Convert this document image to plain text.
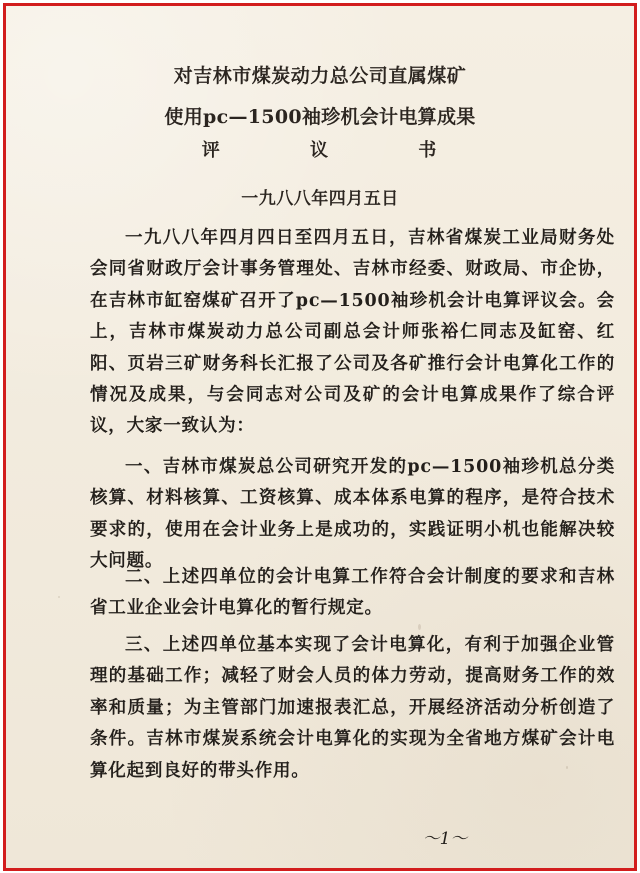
对吉林市煤炭动力总公司直属煤矿
使用pc—1500袖珍机会计电算成果
评 议 书
一九八八年四月五日

一九八八年四月四日至四月五日，吉林省煤炭工业局财务处会同省财政厅会计事务管理处、吉林市经委、财政局、市企协，在吉林市缸窑煤矿召开了pc—1500袖珍机会计电算评议会。会上，吉林市煤炭动力总公司副总会计师张裕仁同志及缸窑、红阳、页岩三矿财务科长汇报了公司及各矿推行会计电算化工作的情况及成果，与会同志对公司及矿的会计电算成果作了综合评议，大家一致认为：

一、吉林市煤炭总公司研究开发的pc—1500袖珍机总分类核算、材料核算、工资核算、成本体系电算的程序，是符合技术要求的，使用在会计业务上是成功的，实践证明小机也能解决较大问题。

二、上述四单位的会计电算工作符合会计制度的要求和吉林省工业企业会计电算化的暂行规定。

三、上述四单位基本实现了会计电算化，有利于加强企业管理的基础工作；减轻了财会人员的体力劳动，提高财务工作的效率和质量；为主管部门加速报表汇总，开展经济活动分析创造了条件。吉林市煤炭系统会计电算化的实现为全省地方煤矿会计电算化起到良好的带头作用。

～1～
